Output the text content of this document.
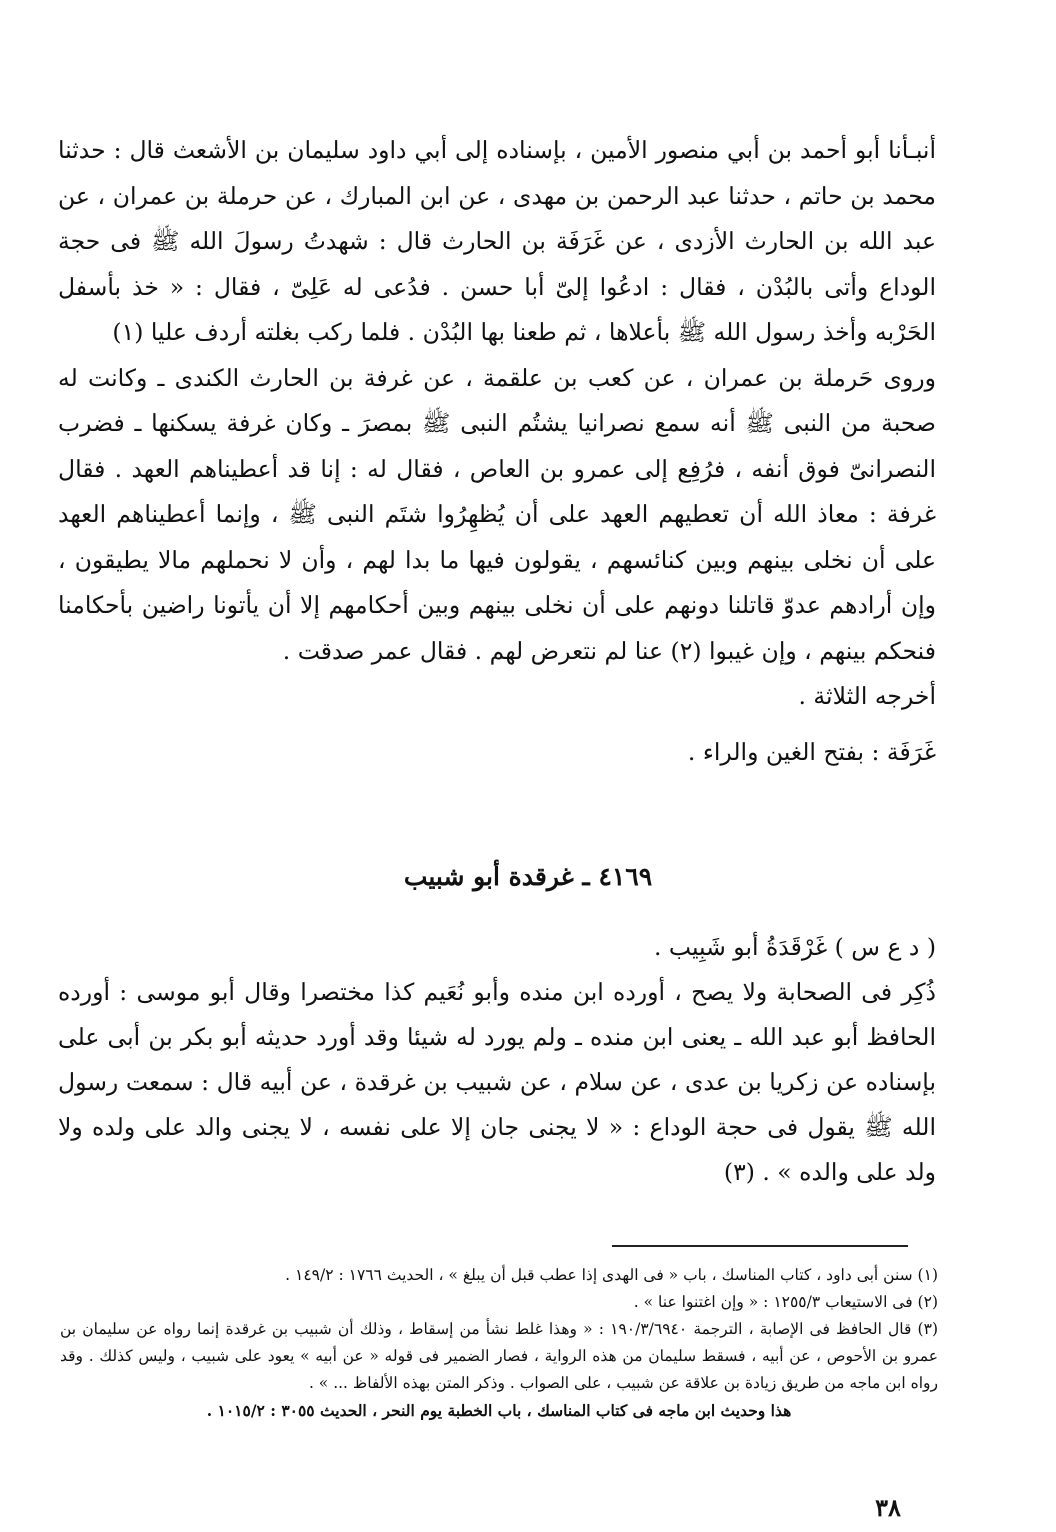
أنبـأنا أبو أحمد بن أبي منصور الأمين ، بإسناده إلى أبي داود سليمان بن الأشعث قال : حدثنا محمد بن حاتم ، حدثنا عبد الرحمن بن مهدى ، عن ابن المبارك ، عن حرملة بن عمران ، عن عبد الله بن الحارث الأزدى ، عن غَرَفَة بن الحارث قال : شهدتُ رسولَ الله ﷺ فى حجة الوداع وأتى بالبُدْن ، فقال : ادعُوا إلىّ أبا حسن . فدُعى له عَلِىّ ، فقال : « خذ بأسفل الحَرْبه وأخذ رسول الله ﷺ بأعلاها ، ثم طعنا بها البُدْن . فلما ركب بغلته أردف عليا (١)

وروى حَرملة بن عمران ، عن كعب بن علقمة ، عن غرفة بن الحارث الكندى ـ وكانت له صحبة من النبى ﷺ أنه سمع نصرانيا يشتُم النبى ﷺ بمصرَ ـ وكان غرفة يسكنها ـ فضرب النصرانىّ فوق أنفه ، فرُفِع إلى عمرو بن العاص ، فقال له : إنا قد أعطيناهم العهد . فقال غرفة : معاذ الله أن تعطيهم العهد على أن يُظهِرُوا شتَم النبى ﷺ ، وإنما أعطيناهم العهد على أن نخلى بينهم وبين كنائسهم ، يقولون فيها ما بدا لهم ، وأن لا نحملهم مالا يطيقون ، وإن أرادهم عدوّ قاتلنا دونهم على أن نخلى بينهم وبين أحكامهم إلا أن يأتونا راضين بأحكامنا فنحكم بينهم ، وإن غيبوا (٢) عنا لم نتعرض لهم . فقال عمر صدقت .

أخرجه الثلاثة .

غَرَفَة : بفتح الغين والراء .

٤١٦٩ ـ غرقدة أبو شبيب

( د ع س ) غَرْقَدَةُ أبو شَبِيب .

ذُكِر فى الصحابة ولا يصح ، أورده ابن منده وأبو نُعَيم كذا مختصرا وقال أبو موسى : أورده الحافظ أبو عبد الله ـ يعنى ابن منده ـ ولم يورد له شيئا وقد أورد حديثه أبو بكر بن أبى على بإسناده عن زكريا بن عدى ، عن سلام ، عن شبيب بن غرقدة ، عن أبيه قال : سمعت رسول الله ﷺ يقول فى حجة الوداع : « لا يجنى جان إلا على نفسه ، لا يجنى والد على ولده ولا ولد على والده » . (٣)

(١) سنن أبى داود ، كتاب المناسك ، باب « فى الهدى إذا عطب قبل أن يبلغ » ، الحديث ١٧٦٦ : ١٤٩/٢ .

(٢) فى الاستيعاب ١٢٥٥/٣ : « وإن اغتنوا عنا » .

(٣) قال الحافظ فى الإصابة ، الترجمة ١٩٠/٣/٦٩٤٠ : « وهذا غلط نشأ من إسقاط ، وذلك أن شبيب بن غرقدة إنما رواه عن سليمان بن عمرو بن الأحوص ، عن أبيه ، فسقط سليمان من هذه الرواية ، فصار الضمير فى قوله « عن أبيه » يعود على شبيب ، وليس كذلك . وقد رواه ابن ماجه من طريق زيادة بن علاقة عن شبيب ، على الصواب . وذكر المتن بهذه الألفاظ ... » .

هذا وحديث ابن ماجه فى كتاب المناسك ، باب الخطبة يوم النحر ، الحديث ٣٠٥٥ : ١٠١٥/٢ .

٣٨
